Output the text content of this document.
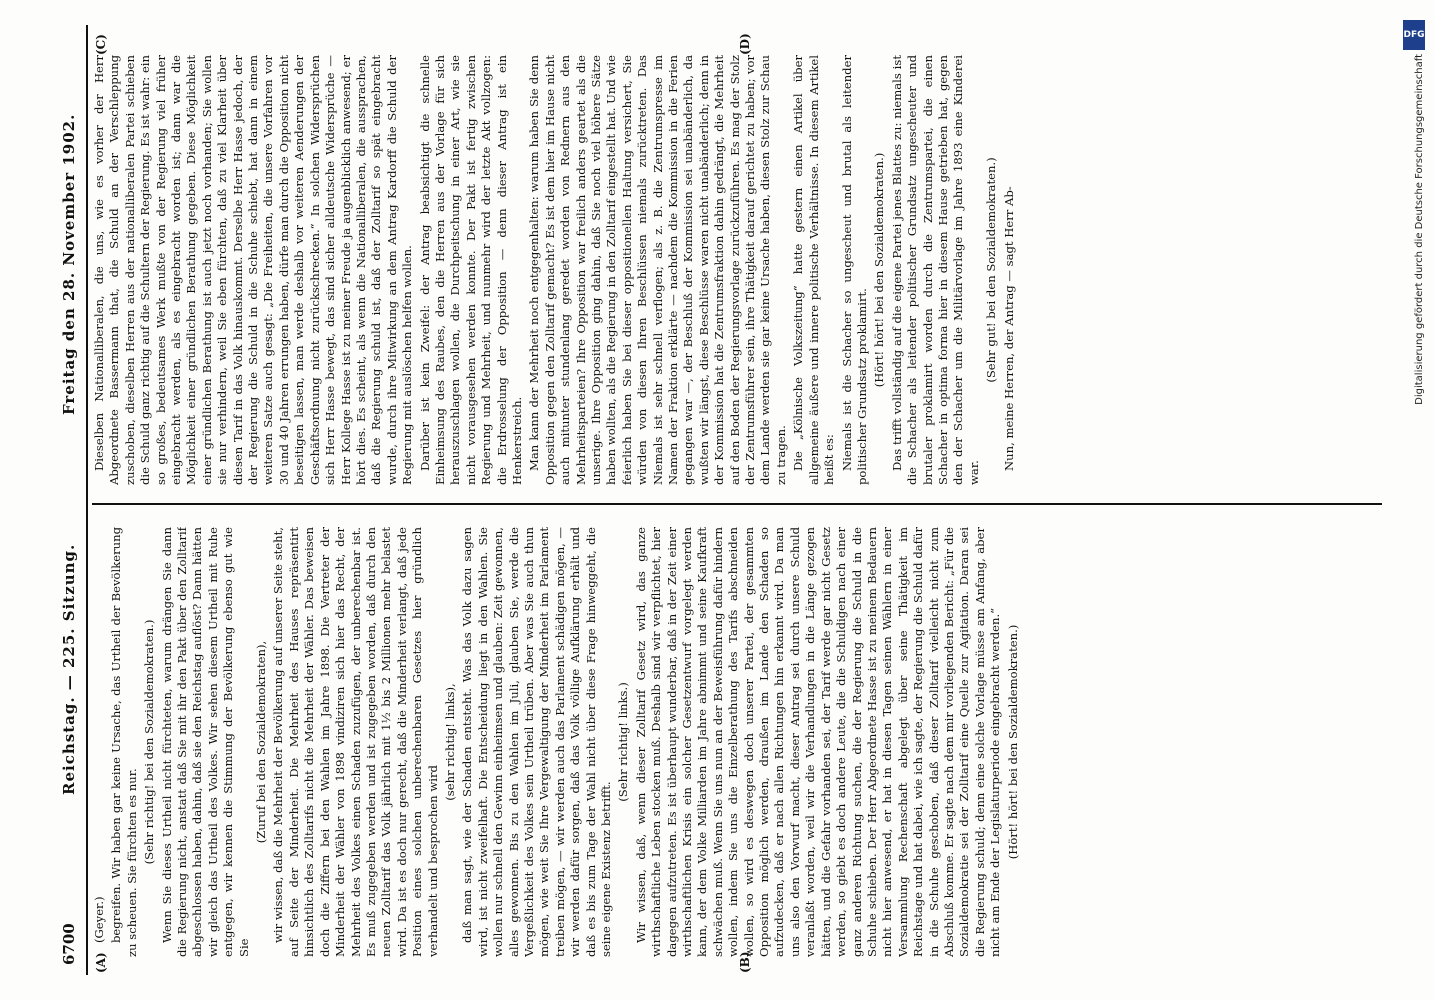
6700
Reichstag. — 225. Sitzung.
Freitag den 28. November 1902.

(Geyer.) begreifen. Wir haben gar keine Ursache, das Urtheil der Bevölkerung zu scheuen. Sie fürchten es nur. (Sehr richtig! bei den Sozialdemokraten.) Wenn Sie dieses Urtheil nicht fürchteten, warum drängen Sie dann die Regierung nicht, anstatt daß Sie mit ihr den Pakt über den Zolltarif abgeschlossen haben, dahin, daß sie den Reichstag auflöst? Dann hätten wir gleich das Urtheil des Volkes. Wir sehen diesem Urtheil mit Ruhe entgegen, wir kennen die Stimmung der Bevölkerung ebenso gut wie Sie

(Zuruf bei den Sozialdemokraten), wir wissen, daß die Mehrheit der Bevölkerung auf unserer Seite steht, auf Seite der Minderheit. Die Mehrheit des Hauses repräsentirt hinsichtlich des Zolltarifs nicht die Mehrheit der Wähler. Das beweisen doch die Ziffern bei den Wahlen im Jahre 1898. Die Vertreter der Minderheit der Wähler von 1898 vindiziren sich hier das Recht, der Mehrheit des Volkes einen Schaden zuzufügen, der unberechenbar ist. Es muß zugegeben werden und ist zugegeben worden, daß durch den neuen Zolltarif das Volk jährlich mit 1½ bis 2 Millionen mehr belastet wird. Da ist es doch nur gerecht, daß die Minderheit verlangt, daß jede Position eines solchen unberechenbaren Gesetzes hier gründlich verhandelt und besprochen wird

(sehr richtig! links), daß man sagt, wie der Schaden entsteht. Was das Volk dazu sagen wird, ist nicht zweifelhaft. Die Entscheidung liegt in den Wahlen. Sie wollen nur schnell den Gewinn einheimsen und glauben: Zeit gewonnen, alles gewonnen. Bis zu den Wahlen im Juli, glauben Sie, werde die Vergeßlichkeit des Volkes sein Urtheil trüben. Aber was Sie auch thun mögen, wie weit Sie Ihre Vergewaltigung der Minderheit im Parlament treiben mögen, — wir werden auch das Parlament schädigen mögen, — wir werden dafür sorgen, daß das Volk völlige Aufklärung erhält und daß es bis zum Tage der Wahl nicht über diese Frage hinweggeht, die seine eigene Existenz betrifft.

(Sehr richtig! links.) Wir wissen, daß, wenn dieser Zolltarif Gesetz wird, das ganze wirthschaftliche Leben stocken muß. Deshalb sind wir verpflichtet, hier dagegen aufzutreten. Es ist überhaupt wunderbar, daß in der Zeit einer wirthschaftlichen Krisis ein solcher Gesetzentwurf vorgelegt werden kann, der dem Volke Milliarden im Jahre abnimmt und seine Kaufkraft schwächen muß. Wenn Sie uns nun an der Beweisführung dafür hindern wollen, indem Sie uns die Einzelberathung des Tarifs abschneiden wollen, so wird es deswegen doch unserer Partei, der gesammten Opposition möglich werden, draußen im Lande den Schaden so aufzudecken, daß er nach allen Richtungen hin erkannt wird. Da man uns also den Vorwurf macht, dieser Antrag sei durch unsere Schuld veranlaßt worden, weil wir die Verhandlungen in die Länge gezogen hätten, und die Gefahr vorhanden sei, der Tarif werde gar nicht Gesetz werden, so giebt es doch andere Leute, die die Schuldigen nach einer ganz anderen Richtung suchen, die der Regierung die Schuld in die Schuhe schieben. Der Herr Abgeordnete Hasse ist zu meinem Bedauern nicht hier anwesend, er hat in diesen Tagen seinen Wählern in einer Versammlung Rechenschaft abgelegt über seine Thätigkeit im Reichstage und hat dabei, wie ich sagte, der Regierung die Schuld dafür in die Schuhe geschoben, daß dieser Zolltarif vielleicht nicht zum Abschluß komme. Er sagte nach dem mir vorliegenden Bericht: „Für die Sozialdemokratie sei der Zolltarif eine Quelle zur Agitation. Daran sei die Regierung schuld; denn eine solche Vorlage müsse am Anfang, aber nicht am Ende der Legislaturperiode eingebracht werden.“ (Hört! hört! bei den Sozialdemokraten.)

Dieselben Nationalliberalen, die uns, wie es vorher der Herr Abgeordnete Bassermann that, die Schuld an der Verschleppung zuschoben, dieselben Herren aus der nationalliberalen Partei schieben die Schuld ganz richtig auf die Schultern der Regierung. Es ist wahr: ein so großes, bedeutsames Werk mußte von der Regierung viel früher eingebracht werden, als es eingebracht worden ist; dann war die Möglichkeit einer gründlichen Berathung gegeben. Diese Möglichkeit einer gründlichen Berathung ist auch jetzt noch vorhanden; Sie wollen sie nur verhindern, weil Sie eben fürchten, daß zu viel Klarheit über diesen Tarif in das Volk hinauskommt. Derselbe Herr Hasse jedoch, der der Regierung die Schuld in die Schuhe schiebt, hat dann in einem weiteren Satze auch gesagt: „Die Freiheiten, die unsere Vorfahren vor 30 und 40 Jahren errungen haben, dürfe man durch die Opposition nicht beseitigen lassen, man werde deshalb vor weiteren Aenderungen der Geschäftsordnung nicht zurückschrecken.“ In solchen Widersprüchen sich Herr Hasse bewegt, das sind sicher alldeutsche Widersprüche — Herr Kollege Hasse ist zu meiner Freude ja augenblicklich anwesend; er hört dies. Es scheint, als wenn die Nationalliberalen, die aussprachen, daß die Regierung schuld ist, daß der Zolltarif so spät eingebracht wurde, durch ihre Mitwirkung an dem Antrag Kardorff die Schuld der Regierung mit auslöschen helfen wollen. Darüber ist kein Zweifel: der Antrag beabsichtigt die schnelle Einheimsung des Raubes, den die Herren aus der Vorlage für sich herauszuschlagen wollen, die Durchpeitschung in einer Art, wie sie nicht vorausgesehen werden konnte. Der Pakt ist fertig zwischen Regierung und Mehrheit, und nunmehr wird der letzte Akt vollzogen: die Erdrosselung der Opposition — denn dieser Antrag ist ein Henkerstreich. Man kann der Mehrheit noch entgegenhalten: warum haben Sie denn Opposition gegen den Zolltarif gemacht? Es ist dem hier im Hause nicht auch mitunter stundenlang geredet worden von Rednern aus den Mehrheitsparteien? Ihre Opposition war freilich anders geartet als die unserige. Ihre Opposition ging dahin, daß Sie noch viel höhere Sätze haben wollten, als die Regierung in den Zolltarif eingestellt hat. Und wie feierlich haben Sie bei dieser oppositionellen Haltung versichert, Sie würden von diesen Ihren Beschlüssen niemals zurücktreten. Das Niemals ist sehr schnell verflogen; als z. B. die Zentrumspresse im Namen der Fraktion erklärte — nachdem die Kommission in die Ferien gegangen war —, der Beschluß der Kommission sei unabänderlich, da wußten wir längst, diese Beschlüsse waren nicht unabänderlich; denn in der Kommission hat die Zentrumsfraktion dahin gedrängt, die Mehrheit auf den Boden der Regierungsvorlage zurückzuführen. Es mag der Stolz der Zentrumsführer sein, ihre Thätigkeit darauf gerichtet zu haben; vor dem Lande werden sie gar keine Ursache haben, diesen Stolz zur Schau zu tragen. Die „Kölnische Volkszeitung“ hatte gestern einen Artikel über allgemeine äußere und innere politische Verhältnisse. In diesem Artikel heißt es: Niemals ist die Schacher so ungescheut und brutal als leitender politischer Grundsatz proklamirt. (Hört! hört! bei den Sozialdemokraten.) Das trifft vollständig auf die eigene Partei jenes Blattes zu: niemals ist die Schacher als leitender politischer Grundsatz ungescheuter und brutaler proklamirt worden durch die Zentrumspartei, die einen Schacher in optima forma hier in diesem Hause getrieben hat, gegen den der Schacher um die Militärvorlage im Jahre 1893 eine Kinderei war.

(Sehr gut! bei den Sozialdemokraten.) Nun, meine Herren, der Antrag — sagt Herr Ab-

(A)	(B)
(C)	(D)	DFG
Digitalisierung gefördert durch die Deutsche Forschungsgemeinschaft
